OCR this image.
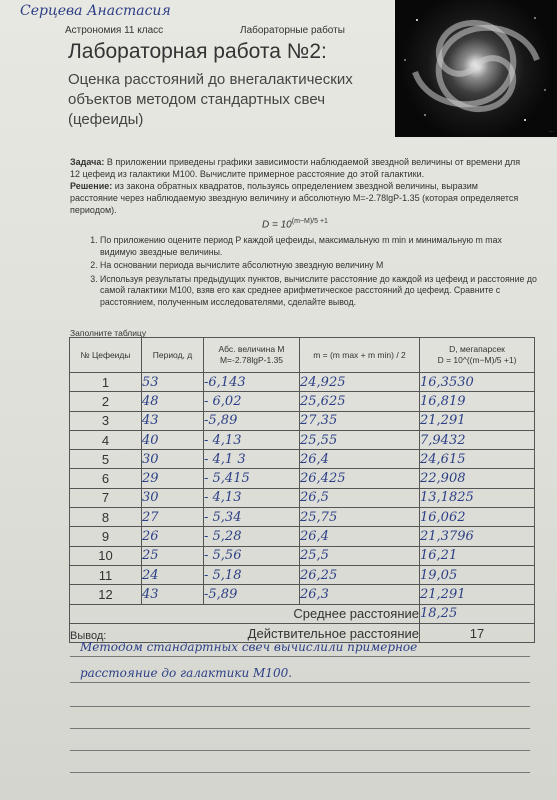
Серцева Анастасия
Астрономия 11 класс	Лабораторные работы
⋯
Лабораторная работа №2:
Оценка расстояний до внегалактических объектов методом стандартных свеч (цефеиды)
Задача: В приложении приведены графики зависимости наблюдаемой звездной величины от времени для 12 цефеид из галактики M100. Вычислите примерное расстояние до этой галактики.
Решение: из закона обратных квадратов, пользуясь определением звездной величины, выразим расстояние через наблюдаемую звездную величину и абсолютную M=-2.78lgP-1.35 (которая определяется периодом).
$D = 10^{(m-M)/5 +1}$
1. По приложению оцените период P каждой цефеиды, максимальную m min и минимальную m max видимую звездные величины.
2. На основании периода вычислите абсолютную звездную величину M
3. Используя результаты предыдущих пунктов, вычислите расстояние до каждой из цефеид и расстояние до самой галактики M100, взяв его как среднее арифметическое расстояний до цефеид. Сравните с расстоянием, полученным исследователями, сделайте вывод.
Заполните таблицу
№ Цефеиды	Период, д	Абс. величина М
M=-2.78lgP-1.35	m = (m max + m min) / 2	D, мегапарсек
D = 10^((m−M)/5 +1)
1	53	-6,143	24,925	16,3530
2	48	- 6,02	25,625	16,819
3	43	-5,89	27,35	21,291
4	40	- 4,13	25,55	7,9432
5	30	- 4,1 3	26,4	24,615
6	29	- 5,415	26,425	22,908
7	30	- 4,13	26,5	13,1825
8	27	- 5,34	25,75	16,062
9	26	- 5,28	26,4	21,3796
10	25	- 5,56	25,5	16,21
11	24	- 5,18	26,25	19,05
12	43	-5,89	26,3	21,291
Среднее расстояние				18,25
Действительное расстояние				17
Вывод:
Методом стандартных свеч вычислили примерное
расстояние до галактики М100.
